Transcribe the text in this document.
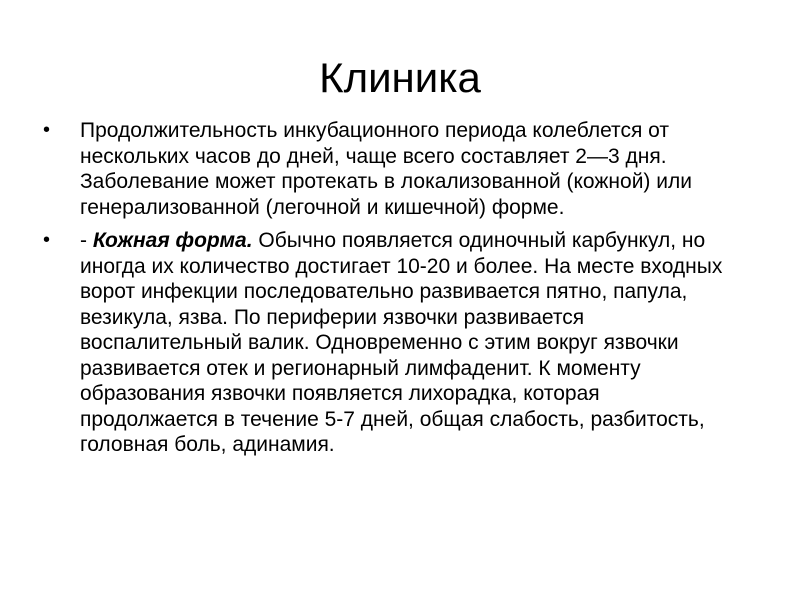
Клиника
• Продолжительность инкубационного периода колеблется от нескольких часов до дней, чаще всего составляет 2—3 дня. Заболевание может протекать в локализованной (кожной) или генерализованной (легочной и кишечной) форме.
• - Кожная форма. Обычно появляется одиночный карбункул, но иногда их количество достигает 10-20 и более. На месте входных ворот инфекции последовательно развивается пятно, папула, везикула, язва. По периферии язвочки развивается воспалительный валик. Одновременно с этим вокруг язвочки развивается отек и регионарный лимфаденит. К моменту образования язвочки появляется лихорадка, которая продолжается в течение 5-7 дней, общая слабость, разбитость, головная боль, адинамия.
